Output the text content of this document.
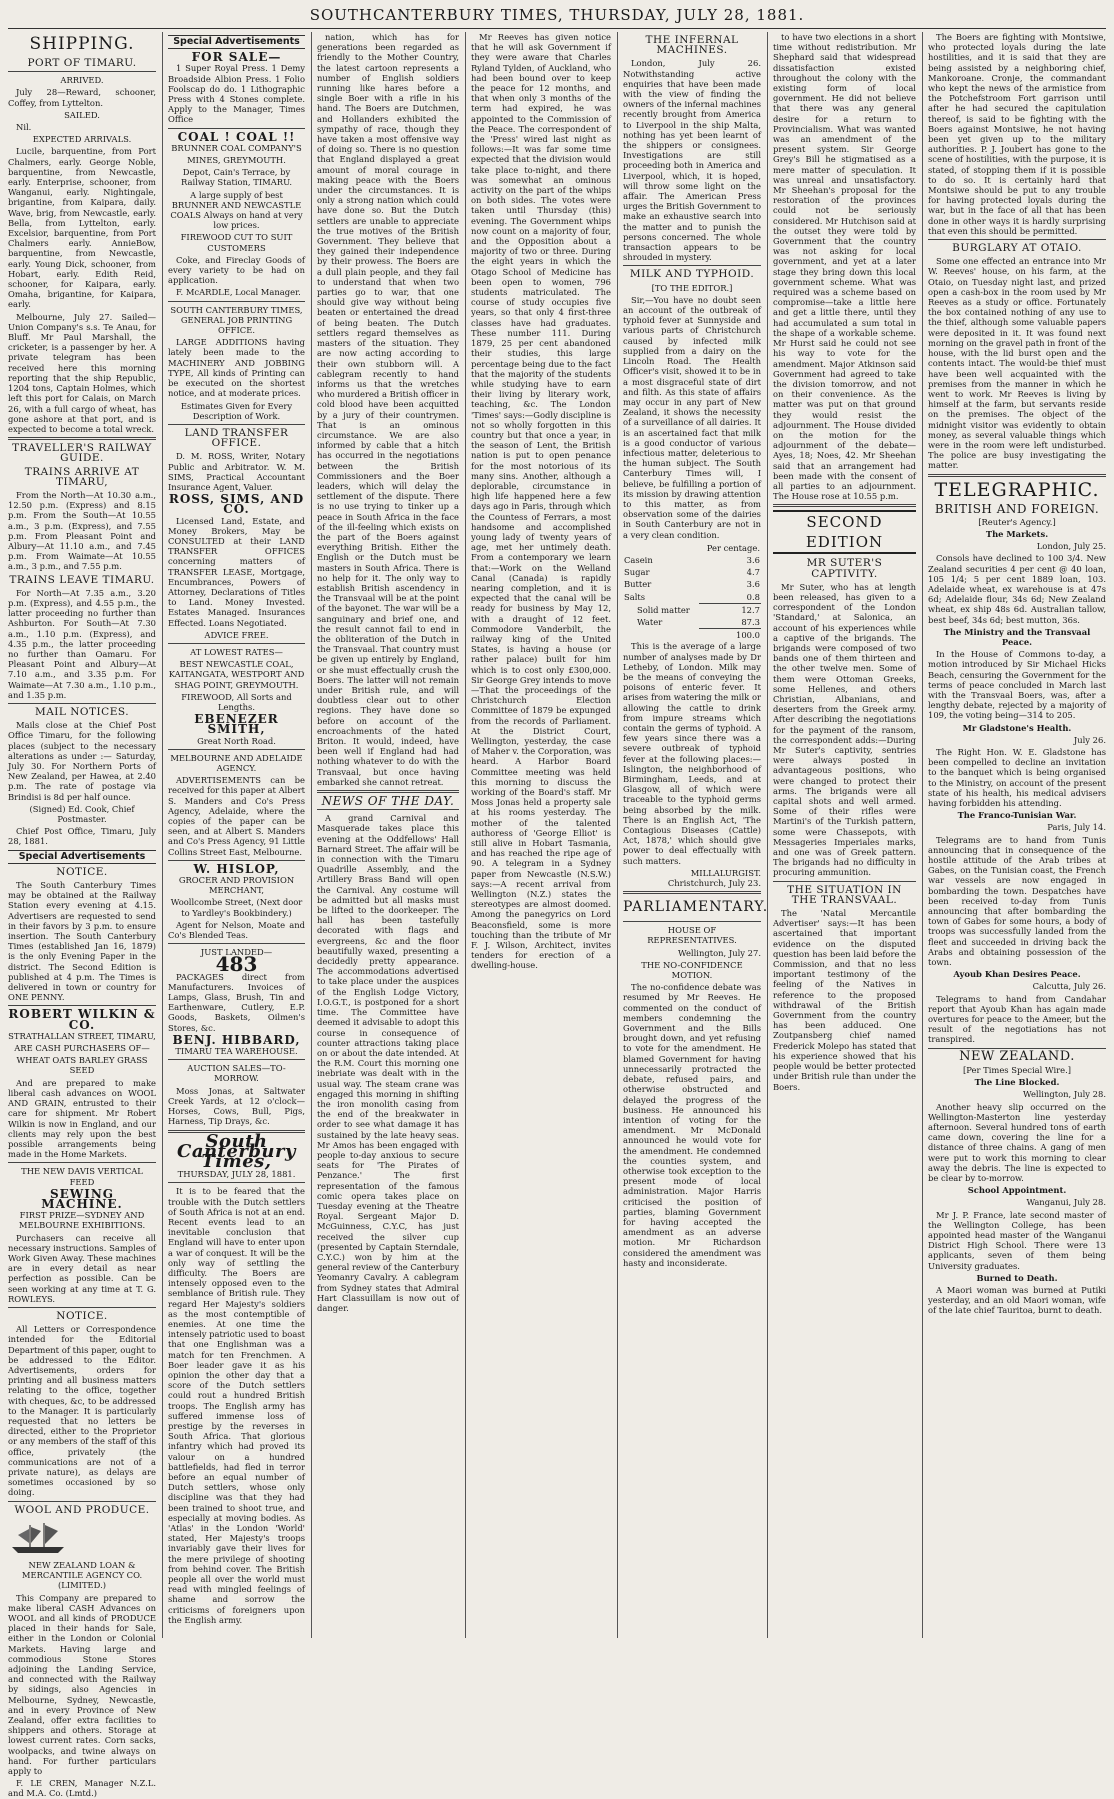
SOUTHCANTERBURY TIMES, THURSDAY, JULY 28, 1881.
SHIPPING.
PORT OF TIMARU.

ARRIVED.

July 28—Reward, schooner, Coffey, from Lyttelton.

SAILED.

Nil.

EXPECTED ARRIVALS.

Lucile, barquentine, from Port Chalmers, early. George Noble, barquentine, from Newcastle, early. Enterprise, schooner, from Wanganui, early. Nightingale, brigantine, from Kaipara, daily. Wave, brig, from Newcastle, early. Bella, from Lyttelton, early. Excelsior, barquentine, from Port Chalmers early. AnnieBow, barquentine, from Newcastle, early. Young Dick, schooner, from Hobart, early. Edith Reid, schooner, for Kaipara, early. Omaha, brigantine, for Kaipara, early.

Melbourne, July 27. Sailed—Union Company's s.s. Te Anau, for Bluff. Mr Paul Marshall, the cricketer, is a passenger by her. A private telegram has been received here this morning reporting that the ship Republic, 1204 tons, Captain Holmes, which left this port for Calais, on March 26, with a full cargo of wheat, has gone ashore at that port, and is expected to become a total wreck.

TRAVELLER'S RAILWAY GUIDE.
TRAINS ARRIVE AT TIMARU,

From the North—At 10.30 a.m., 12.50 p.m. (Express) and 8.15 p.m. From the South—At 10.55 a.m., 3 p.m. (Express), and 7.55 p.m. From Pleasant Point and Albury—At 11.10 a.m., and 7.45 p.m. From Waimate—At 10.55 a.m., 3 p.m., and 7.55 p.m.

TRAINS LEAVE TIMARU.

For North—At 7.35 a.m., 3.20 p.m. (Express), and 4.55 p.m., the latter proceeding no further than Ashburton. For South—At 7.30 a.m., 1.10 p.m. (Express), and 4.35 p.m., the latter proceeding no further than Oamaru. For Pleasant Point and Albury—At 7.10 a.m., and 3.35 p.m. For Waimate—At 7.30 a.m., 1.10 p.m., and 1.35 p.m.

MAIL NOTICES.

Mails close at the Chief Post Office Timaru, for the following places (subject to the necessary alterations as under :— Saturday, July 30. For Northern Ports of New Zealand, per Hawea, at 2.40 p.m. The rate of postage via Brindisi is 8d per half ounce.

(Signed) Ed. Cook, Chief Postmaster.

Chief Post Office, Timaru, July 28, 1881.

Special Advertisements
NOTICE.

The South Canterbury Times may be obtained at the Railway Station every evening at 4.15. Advertisers are requested to send in their favors by 3 p.m. to ensure insertion. The South Canterbury Times (established Jan 16, 1879) is the only Evening Paper in the district. The Second Edition is published at 4 p.m. The Times is delivered in town or country for ONE PENNY.

ROBERT WILKIN & CO.

STRATHALLAN STREET, TIMARU,

ARE CASH PURCHASERS OF—

WHEAT OATS BARLEY GRASS SEED

And are prepared to make liberal cash advances on WOOL AND GRAIN, entrusted to their care for shipment. Mr Robert Wilkin is now in England, and our clients may rely upon the best possible arrangements being made in the Home Markets.

THE NEW DAVIS VERTICAL FEED

SEWING MACHINE.

FIRST PRIZE—SYDNEY AND MELBOURNE EXHIBITIONS.

Purchasers can receive all necessary instructions. Samples of Work Given Away. These machines are in every detail as near perfection as possible. Can be seen working at any time at T. G. ROWLEYS.

NOTICE.

All Letters or Correspondence intended for the Editorial Department of this paper, ought to be addressed to the Editor. Advertisements, orders for printing and all business matters relating to the office, together with cheques, &c, to be addressed to the Manager. It is particularly requested that no letters be directed, either to the Proprietor or any members of the staff of this office, privately (the communications are not of a private nature), as delays are sometimes occasioned by so doing.

WOOL AND PRODUCE.

NEW ZEALAND LOAN & MERCANTILE AGENCY CO. (LIMITED.)

This Company are prepared to make liberal CASH Advances on WOOL and all kinds of PRODUCE placed in their hands for Sale, either in the London or Colonial Markets. Having large and commodious Stone Stores adjoining the Landing Service, and connected with the Railway by sidings, also Agencies in Melbourne, Sydney, Newcastle, and in every Province of New Zealand, offer extra facilities to shippers and others. Storage at lowest current rates. Corn sacks, woolpacks, and twine always on hand. For further particulars apply to

F. LE CREN, Manager N.Z.L. and M.A. Co. (Lmtd.)

Special Advertisements
FOR SALE—

1 Super Royal Press. 1 Demy Broadside Albion Press. 1 Folio Foolscap do do. 1 Lithographic Press with 4 Stones complete. Apply to the Manager, Times Office

COAL ! COAL !!

BRUNNER COAL COMPANY'S

MINES, GREYMOUTH.

Depot, Cain's Terrace, by Railway Station, TIMARU.

A large supply of best BRUNNER AND NEWCASTLE COALS Always on hand at very low prices.

FIREWOOD CUT TO SUIT CUSTOMERS

Coke, and Fireclay Goods of every variety to be had on application.

F. McARDLE, Local Manager.

SOUTH CANTERBURY TIMES, GENERAL JOB PRINTING OFFICE.

LARGE ADDITIONS having lately been made to the MACHINERY AND JOBBING TYPE, All kinds of Printing can be executed on the shortest notice, and at moderate prices.

Estimates Given for Every Description of Work.

LAND TRANSFER OFFICE.

D. M. ROSS, Writer, Notary Public and Arbitrator. W. M. SIMS, Practical Accountant Insurance Agent, Valuer.

ROSS, SIMS, AND CO.

Licensed Land, Estate, and Money Brokers, May be CONSULTED at their LAND TRANSFER OFFICES concerning matters of TRANSFER LEASE, Mortgage, Encumbrances, Powers of Attorney, Declarations of Titles to Land. Money Invested. Estates Managed. Insurances Effected. Loans Negotiated.

ADVICE FREE.

AT LOWEST RATES—

BEST NEWCASTLE COAL, KAITANGATA, WESTPORT AND SHAG POINT, GREYMOUTH.

FIREWOOD, All Sorts and Lengths.

EBENEZER SMITH,

Great North Road.

MELBOURNE AND ADELAIDE AGENCY.

ADVERTISEMENTS can be received for this paper at Albert S. Manders and Co's Press Agency, Adelaide, where the copies of the paper can be seen, and at Albert S. Manders and Co's Press Agency, 91 Little Collins Street East, Melbourne.

W. HISLOP,

GROCER AND PROVISION MERCHANT,

Woollcombe Street, (Next door to Yardley's Bookbindery.)

Agent for Nelson, Moate and Co's Blended Teas.

JUST LANDED—

483

PACKAGES direct from Manufacturers. Invoices of Lamps, Glass, Brush, Tin and Earthenware, Cutlery, E.P. Goods, Baskets, Oilmen's Stores, &c.

BENJ. HIBBARD,

TIMARU TEA WAREHOUSE.

AUCTION SALES—TO-MORROW.

Moss Jonas, at Saltwater Creek Yards, at 12 o'clock—Horses, Cows, Bull, Pigs, Harness, Tip Drays, &c.

South Canterbury Times,

THURSDAY, JULY 28, 1881.

It is to be feared that the trouble with the Dutch settlers of South Africa is not at an end. Recent events lead to an inevitable conclusion that England will have to enter upon a war of conquest. It will be the only way of settling the difficulty. The Boers are intensely opposed even to the semblance of British rule. They regard Her Majesty's soldiers as the most contemptible of enemies. At one time the intensely patriotic used to boast that one Englishman was a match for ten Frenchmen. A Boer leader gave it as his opinion the other day that a score of the Dutch settlers could rout a hundred British troops. The English army has suffered immense loss of prestige by the reverses in South Africa. That glorious infantry which had proved its valour on a hundred battlefields, had fled in terror before an equal number of Dutch settlers, whose only discipline was that they had been trained to shoot true, and especially at moving bodies. As 'Atlas' in the London 'World' stated, Her Majesty's troops invariably gave their lives for the mere privilege of shooting from behind cover. The British people all over the world must read with mingled feelings of shame and sorrow the criticisms of foreigners upon the English army.

nation, which has for generations been regarded as friendly to the Mother Country, the latest cartoon represents a number of English soldiers running like hares before a single Boer with a rifle in his hand. The Boers are Dutchmen, and Hollanders exhibited the sympathy of race, though they have taken a most offensive way of doing so. There is no question that England displayed a great amount of moral courage in making peace with the Boers under the circumstances. It is only a strong nation which could have done so. But the Dutch settlers are unable to appreciate the true motives of the British Government. They believe that they gained their independence by their prowess. The Boers are a dull plain people, and they fail to understand that when two parties go to war, that one should give way without being beaten or entertained the dread of being beaten. The Dutch settlers regard themselves as masters of the situation. They are now acting according to their own stubborn will. A cablegram recently to hand informs us that the wretches who murdered a British officer in cold blood have been acquitted by a jury of their countrymen. That is an ominous circumstance. We are also informed by cable that a hitch has occurred in the negotiations between the British Commissioners and the Boer leaders, which will delay the settlement of the dispute. There is no use trying to tinker up a peace in South Africa in the face of the ill-feeling which exists on the part of the Boers against everything British. Either the English or the Dutch must be masters in South Africa. There is no help for it. The only way to establish British ascendency in the Transvaal will be at the point of the bayonet. The war will be a sanguinary and brief one, and the result cannot fail to end in the obliteration of the Dutch in the Transvaal. That country must be given up entirely by England, or she must effectually crush the Boers. The latter will not remain under British rule, and will doubtless clear out to other regions. They have done so before on account of the encroachments of the hated Briton. It would, indeed, have been well if England had had nothing whatever to do with the Transvaal, but once having embarked she cannot retreat.

NEWS OF THE DAY.

A grand Carnival and Masquerade takes place this evening at the Oddfellows' Hall Barnard Street. The affair will be in connection with the Timaru Quadrille Assembly, and the Artillery Brass Band will open the Carnival. Any costume will be admitted but all masks must be lifted to the doorkeeper. The hall has been tastefully decorated with flags and evergreens, &c and the floor beautifully waxed, presenting a decidedly pretty appearance. The accommodations advertised to take place under the auspices of the English Lodge Victory, I.O.G.T., is postponed for a short time. The Committee have deemed it advisable to adopt this course in consequence of counter attractions taking place on or about the date intended. At the R.M. Court this morning one inebriate was dealt with in the usual way. The steam crane was engaged this morning in shifting the iron monolith casing from the end of the breakwater in order to see what damage it has sustained by the late heavy seas. Mr Amos has been engaged with people to-day anxious to secure seats for 'The Pirates of Penzance.' The first representation of the famous comic opera takes place on Tuesday evening at the Theatre Royal. Sergeant Major D. McGuinness, C.Y.C, has just received the silver cup (presented by Captain Sterndale, C.Y.C.) won by him at the general review of the Canterbury Yeomanry Cavalry. A cablegram from Sydney states that Admiral Hart Classuillam is now out of danger.

Mr Reeves has given notice that he will ask Government if they were aware that Charles Ryland Tylden, of Auckland, who had been bound over to keep the peace for 12 months, and that when only 3 months of the term had expired, he was appointed to the Commission of the Peace. The correspondent of the 'Press' wired last night as follows:—It was far some time expected that the division would take place to-night, and there was somewhat an ominous activity on the part of the whips on both sides. The votes were taken until Thursday (this) evening. The Government whips now count on a majority of four, and the Opposition about a majority of two or three. During the eight years in which the Otago School of Medicine has been open to women, 796 students matriculated. The course of study occupies five years, so that only 4 first-three classes have had graduates. These number 111. During 1879, 25 per cent abandoned their studies, this large percentage being due to the fact that the majority of the students while studying have to earn their living by literary work, teaching, &c. The London 'Times' says:—Godly discipline is not so wholly forgotten in this country but that once a year, in the season of Lent, the British nation is put to open penance for the most notorious of its many sins. Another, although a deplorable, circumstance in high life happened here a few days ago in Paris, through which the Countess of Ferrars, a most handsome and accomplished young lady of twenty years of age, met her untimely death. From a contemporary we learn that:—Work on the Welland Canal (Canada) is rapidly nearing completion, and it is expected that the canal will be ready for business by May 12, with a draught of 12 feet. Commodore Vanderbilt, the railway king of the United States, is having a house (or rather palace) built for him which is to cost only £300,000. Sir George Grey intends to move—That the proceedings of the Christchurch Election Committee of 1879 be expunged from the records of Parliament. At the District Court, Wellington, yesterday, the case of Maher v. the Corporation, was heard. A Harbor Board Committee meeting was held this morning to discuss the working of the Board's staff. Mr Moss Jonas held a property sale at his rooms yesterday. The mother of the talented authoress of 'George Elliot' is still alive in Hobart Tasmania, and has reached the ripe age of 90. A telegram in a Sydney paper from Newcastle (N.S.W.) says:—A recent arrival from Wellington (N.Z.) states the stereotypes are almost doomed. Among the panegyrics on Lord Beaconsfield, some is more touching than the tribute of Mr F. J. Wilson, Architect, invites tenders for erection of a dwelling-house.

THE INFERNAL MACHINES.

London, July 26. Notwithstanding active enquiries that have been made with the view of finding the owners of the infernal machines recently brought from America to Liverpool in the ship Malta, nothing has yet been learnt of the shippers or consignees. Investigations are still proceeding both in America and Liverpool, which, it is hoped, will throw some light on the affair. The American Press urges the British Government to make an exhaustive search into the matter and to punish the persons concerned. The whole transaction appears to be shrouded in mystery.

MILK AND TYPHOID.

[TO THE EDITOR.]

Sir,—You have no doubt seen an account of the outbreak of typhoid fever at Sunnyside and various parts of Christchurch caused by infected milk supplied from a dairy on the Lincoln Road. The Health Officer's visit, showed it to be in a most disgraceful state of dirt and filth. As this state of affairs may occur in any part of New Zealand, it shows the necessity of a surveillance of all dairies. It is an ascertained fact that milk is a good conductor of various infectious matter, deleterious to the human subject. The South Canterbury Times will, I believe, be fulfilling a portion of its mission by drawing attention to this matter, as from observation some of the dairies in South Canterbury are not in a very clean condition.

	Per centage.
Casein	3.6
Sugar	4.7
Butter	3.6
Salts	0.8
Solid matter	12.7
Water	87.3
	100.0

This is the average of a large number of analyses made by Dr Letheby, of London. Milk may be the means of conveying the poisons of enteric fever. It arises from watering the milk or allowing the cattle to drink from impure streams which contain the germs of typhoid. A few years since there was a severe outbreak of typhoid fever at the following places:—Islington, the neighborhood of Birmingham, Leeds, and at Glasgow, all of which were traceable to the typhoid germs being absorbed by the milk. There is an English Act, 'The Contagious Diseases (Cattle) Act, 1878,' which should give power to deal effectually with such matters.

MILLALURGIST. Christchurch, July 23.

PARLIAMENTARY.

HOUSE OF REPRESENTATIVES.

Wellington, July 27.

THE NO-CONFIDENCE MOTION.

The no-confidence debate was resumed by Mr Reeves. He commented on the conduct of members condemning the Government and the Bills brought down, and yet refusing to vote for the amendment. He blamed Government for having unnecessarily protracted the debate, refused pairs, and otherwise obstructed and delayed the progress of the business. He announced his intention of voting for the amendment. Mr McDonald announced he would vote for the amendment. He condemned the counties system, and otherwise took exception to the present mode of local administration. Major Harris criticised the position of parties, blaming Government for having accepted the amendment as an adverse motion. Mr Richardson considered the amendment was hasty and inconsiderate.

to have two elections in a short time without redistribution. Mr Shephard said that widespread dissatisfaction existed throughout the colony with the existing form of local government. He did not believe that there was any general desire for a return to Provincialism. What was wanted was an amendment of the present system. Sir George Grey's Bill he stigmatised as a mere matter of speculation. It was unreal and unsatisfactory. Mr Sheehan's proposal for the restoration of the provinces could not be seriously considered. Mr Hutchison said at the outset they were told by Government that the country was not asking for local government, and yet at a later stage they bring down this local government scheme. What was required was a scheme based on compromise—take a little here and get a little there, until they had accumulated a sum total in the shape of a workable scheme. Mr Hurst said he could not see his way to vote for the amendment. Major Atkinson said Government had agreed to take the division tomorrow, and not on their convenience. As the matter was put on that ground they would resist the adjournment. The House divided on the motion for the adjournment of the debate—Ayes, 18; Noes, 42. Mr Sheehan said that an arrangement had been made with the consent of all parties to an adjournment. The House rose at 10.55 p.m.

SECOND EDITION
MR SUTER'S CAPTIVITY.

Mr Suter, who has at length been released, has given to a correspondent of the London 'Standard,' at Salonica, an account of his experiences while a captive of the brigands. The brigands were composed of two bands one of them thirteen and the other twelve men. Some of them were Ottoman Greeks, some Hellenes, and others Christian, Albanians, and deserters from the Greek army. After describing the negotiations for the payment of the ransom, the correspondent adds:—During Mr Suter's captivity, sentries were always posted in advantageous positions, who were changed to protect their arms. The brigands were all capital shots and well armed. Some of their rifles were Martini's of the Turkish pattern, some were Chassepots, with Messageries Imperiales marks, and one was of Greek pattern. The brigands had no difficulty in procuring ammunition.

THE SITUATION IN THE TRANSVAAL.

The 'Natal Mercantile Advertiser' says:—It has been ascertained that important evidence on the disputed question has been laid before the Commission, and that no less important testimony of the feeling of the Natives in reference to the proposed withdrawal of the British Government from the country has been adduced. One Zoutpansberg chief named Frederick Molepo has stated that his experience showed that his people would be better protected under British rule than under the Boers.

The Boers are fighting with Montsiwe, who protected loyals during the late hostilities, and it is said that they are being assisted by a neighboring chief, Mankoroane. Cronje, the commandant who kept the news of the armistice from the Potchefstroom Fort garrison until after he had secured the capitulation thereof, is said to be fighting with the Boers against Montsiwe, he not having been yet given up to the military authorities. P. J. Joubert has gone to the scene of hostilities, with the purpose, it is stated, of stopping them if it is possible to do so. It is certainly hard that Montsiwe should be put to any trouble for having protected loyals during the war, but in the face of all that has been done in other ways it is hardly surprising that even this should be permitted.

BURGLARY AT OTAIO.

Some one effected an entrance into Mr W. Reeves' house, on his farm, at the Otaio, on Tuesday night last, and prized open a cash-box in the room used by Mr Reeves as a study or office. Fortunately the box contained nothing of any use to the thief, although some valuable papers were deposited in it. It was found next morning on the gravel path in front of the house, with the lid burst open and the contents intact. The would-be thief must have been well acquainted with the premises from the manner in which he went to work. Mr Reeves is living by himself at the farm, but servants reside on the premises. The object of the midnight visitor was evidently to obtain money, as several valuable things which were in the room were left undisturbed. The police are busy investigating the matter.

TELEGRAPHIC.
BRITISH AND FOREIGN.

[Reuter's Agency.]

The Markets.

London, July 25.

Consols have declined to 100 3/4. New Zealand securities 4 per cent @ 40 loan, 105 1/4; 5 per cent 1889 loan, 103. Adelaide wheat, ex warehouse is at 47s 6d; Adelaide flour, 34s 6d; New Zealand wheat, ex ship 48s 6d. Australian tallow, best beef, 34s 6d; best mutton, 36s.

The Ministry and the Transvaal Peace.

In the House of Commons to-day, a motion introduced by Sir Michael Hicks Beach, censuring the Government for the terms of peace concluded in March last with the Transvaal Boers, was, after a lengthy debate, rejected by a majority of 109, the voting being—314 to 205.

Mr Gladstone's Health.

July 26.

The Right Hon. W. E. Gladstone has been compelled to decline an invitation to the banquet which is being organised to the Ministry, on account of the present state of his health, his medical advisers having forbidden his attending.

The Franco-Tunisian War.

Paris, July 14.

Telegrams are to hand from Tunis announcing that in consequence of the hostile attitude of the Arab tribes at Gabes, on the Tunisian coast, the French war vessels are now engaged in bombarding the town. Despatches have been received to-day from Tunis announcing that after bombarding the town of Gabes for some hours, a body of troops was successfully landed from the fleet and succeeded in driving back the Arabs and obtaining possession of the town.

Ayoub Khan Desires Peace.

Calcutta, July 26.

Telegrams to hand from Candahar report that Ayoub Khan has again made overtures for peace to the Ameer, but the result of the negotiations has not transpired.

NEW ZEALAND.

[Per Times Special Wire.]

The Line Blocked.

Wellington, July 28.

Another heavy slip occurred on the Wellington-Masterton line yesterday afternoon. Several hundred tons of earth came down, covering the line for a distance of three chains. A gang of men were put to work this morning to clear away the debris. The line is expected to be clear by to-morrow.

School Appointment.

Wanganui, July 28.

Mr J. P. France, late second master of the Wellington College, has been appointed head master of the Wanganui District High School. There were 13 applicants, seven of them being University graduates.

Burned to Death.

A Maori woman was burned at Putiki yesterday, and an old Maori woman, wife of the late chief Tauritoa, burnt to death.
